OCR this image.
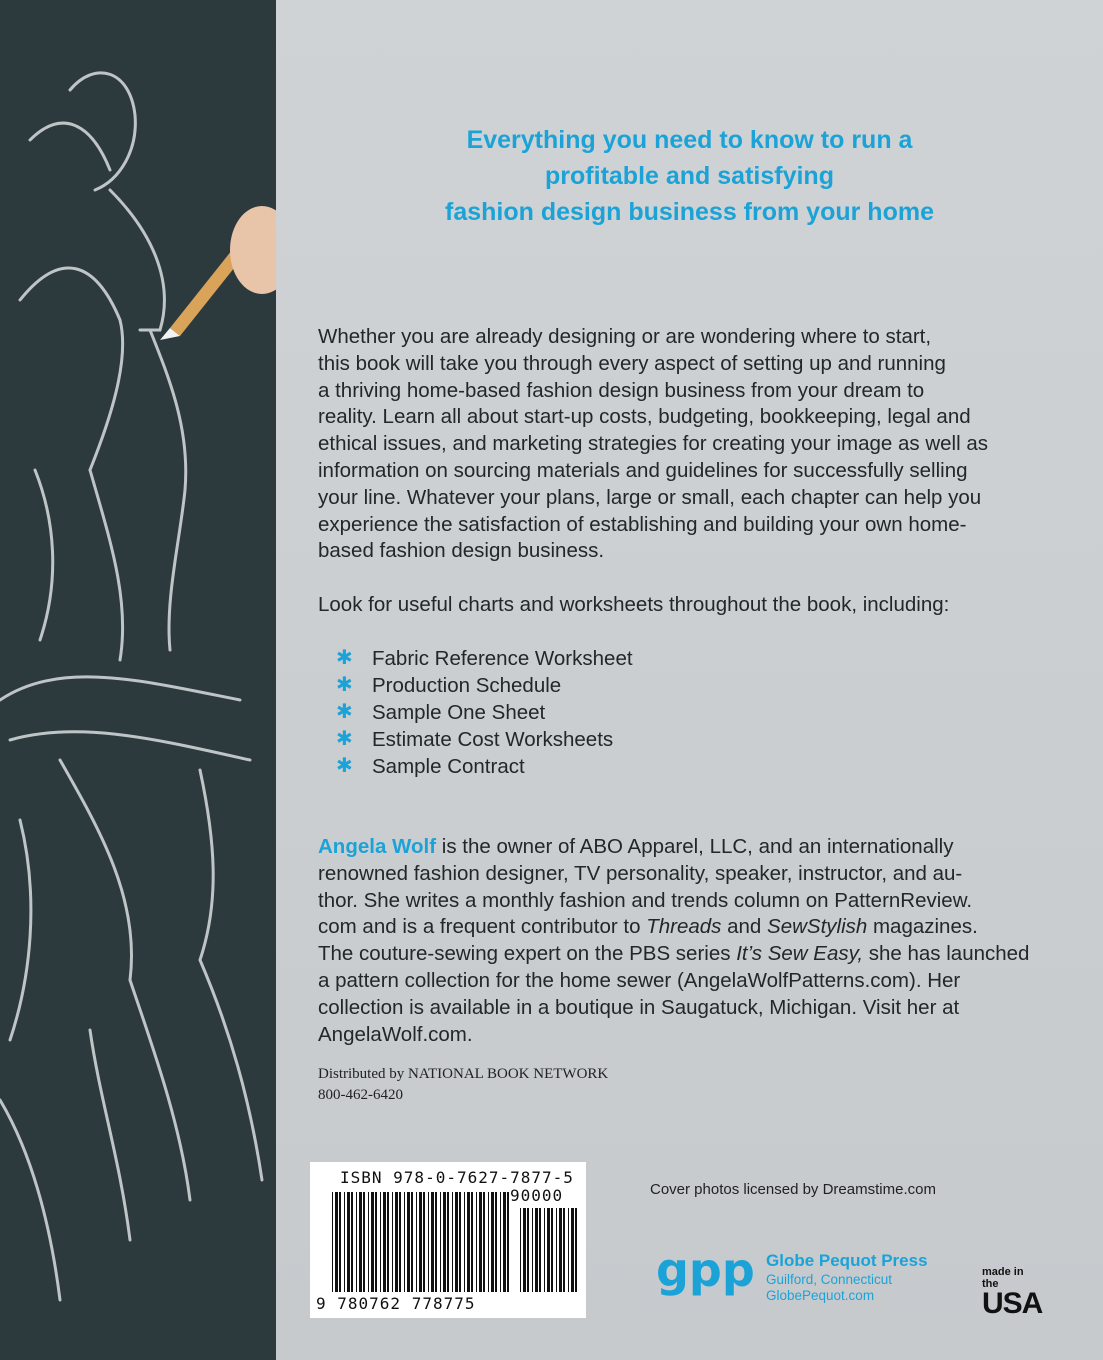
Everything you need to know to run a
profitable and satisfying
fashion design business from your home
Whether you are already designing or are wondering where to start,
this book will take you through every aspect of setting up and running
a thriving home-based fashion design business from your dream to
reality. Learn all about start-up costs, budgeting, bookkeeping, legal and
ethical issues, and marketing strategies for creating your image as well as
information on sourcing materials and guidelines for successfully selling
your line. Whatever your plans, large or small, each chapter can help you
experience the satisfaction of establishing and building your own home-
based fashion design business.
Look for useful charts and worksheets throughout the book, including:
✱ Fabric Reference Worksheet
✱ Production Schedule
✱ Sample One Sheet
✱ Estimate Cost Worksheets
✱ Sample Contract
Angela Wolf is the owner of ABO Apparel, LLC, and an internationally
renowned fashion designer, TV personality, speaker, instructor, and au-
thor. She writes a monthly fashion and trends column on PatternReview.
com and is a frequent contributor to Threads and SewStylish magazines.
The couture-sewing expert on the PBS series It’s Sew Easy, she has launched
a pattern collection for the home sewer (AngelaWolfPatterns.com). Her
collection is available in a boutique in Saugatuck, Michigan. Visit her at
AngelaWolf.com.
Distributed by NATIONAL BOOK NETWORK
800-462-6420
ISBN 978-0-7627-7877-5
90000
9 780762 778775
Cover photos licensed by Dreamstime.com
gpp Globe Pequot Press
Guilford, Connecticut
GlobePequot.com
made in the
USA
